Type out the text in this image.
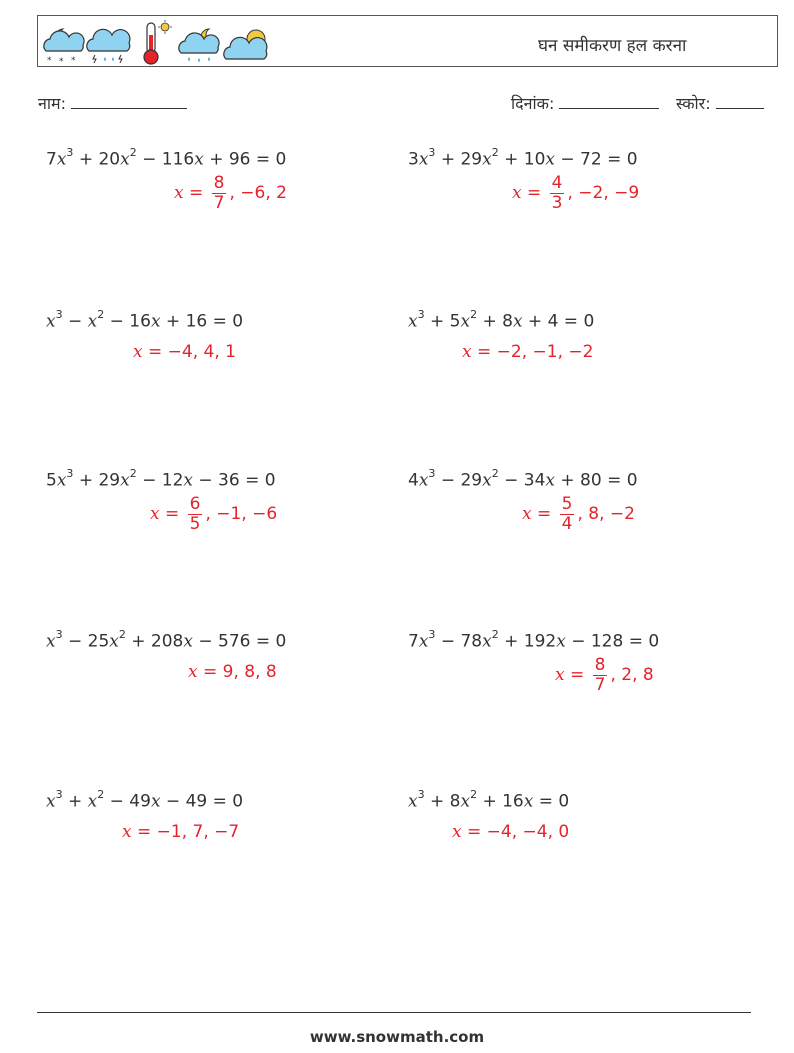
* * *
घन समीकरण हल करना
नाम:	दिनांक:	स्कोर:
$7x^3 + 20x^2 - 116x + 96 = 0$
$x = \frac{8}{7}$ , −6, 2
$3x^3 + 29x^2 + 10x - 72 = 0$
$x = \frac{4}{3}$ , −2, −9
$x^3 - x^2 - 16x + 16 = 0$
x = −4, 4, 1
$x^3 + 5x^2 + 8x + 4 = 0$
x = −2, −1, −2
$5x^3 + 29x^2 - 12x - 36 = 0$
$x = \frac{6}{5}$ , −1, −6
$4x^3 - 29x^2 - 34x + 80 = 0$
$x = \frac{5}{4}$ , 8, −2
$x^3 - 25x^2 + 208x - 576 = 0$
x = 9, 8, 8
$7x^3 - 78x^2 + 192x - 128 = 0$
$x = \frac{8}{7}$ , 2, 8
$x^3 + x^2 - 49x - 49 = 0$
x = −1, 7, −7
$x^3 + 8x^2 + 16x = 0$
x = −4, −4, 0
www.snowmath.com
